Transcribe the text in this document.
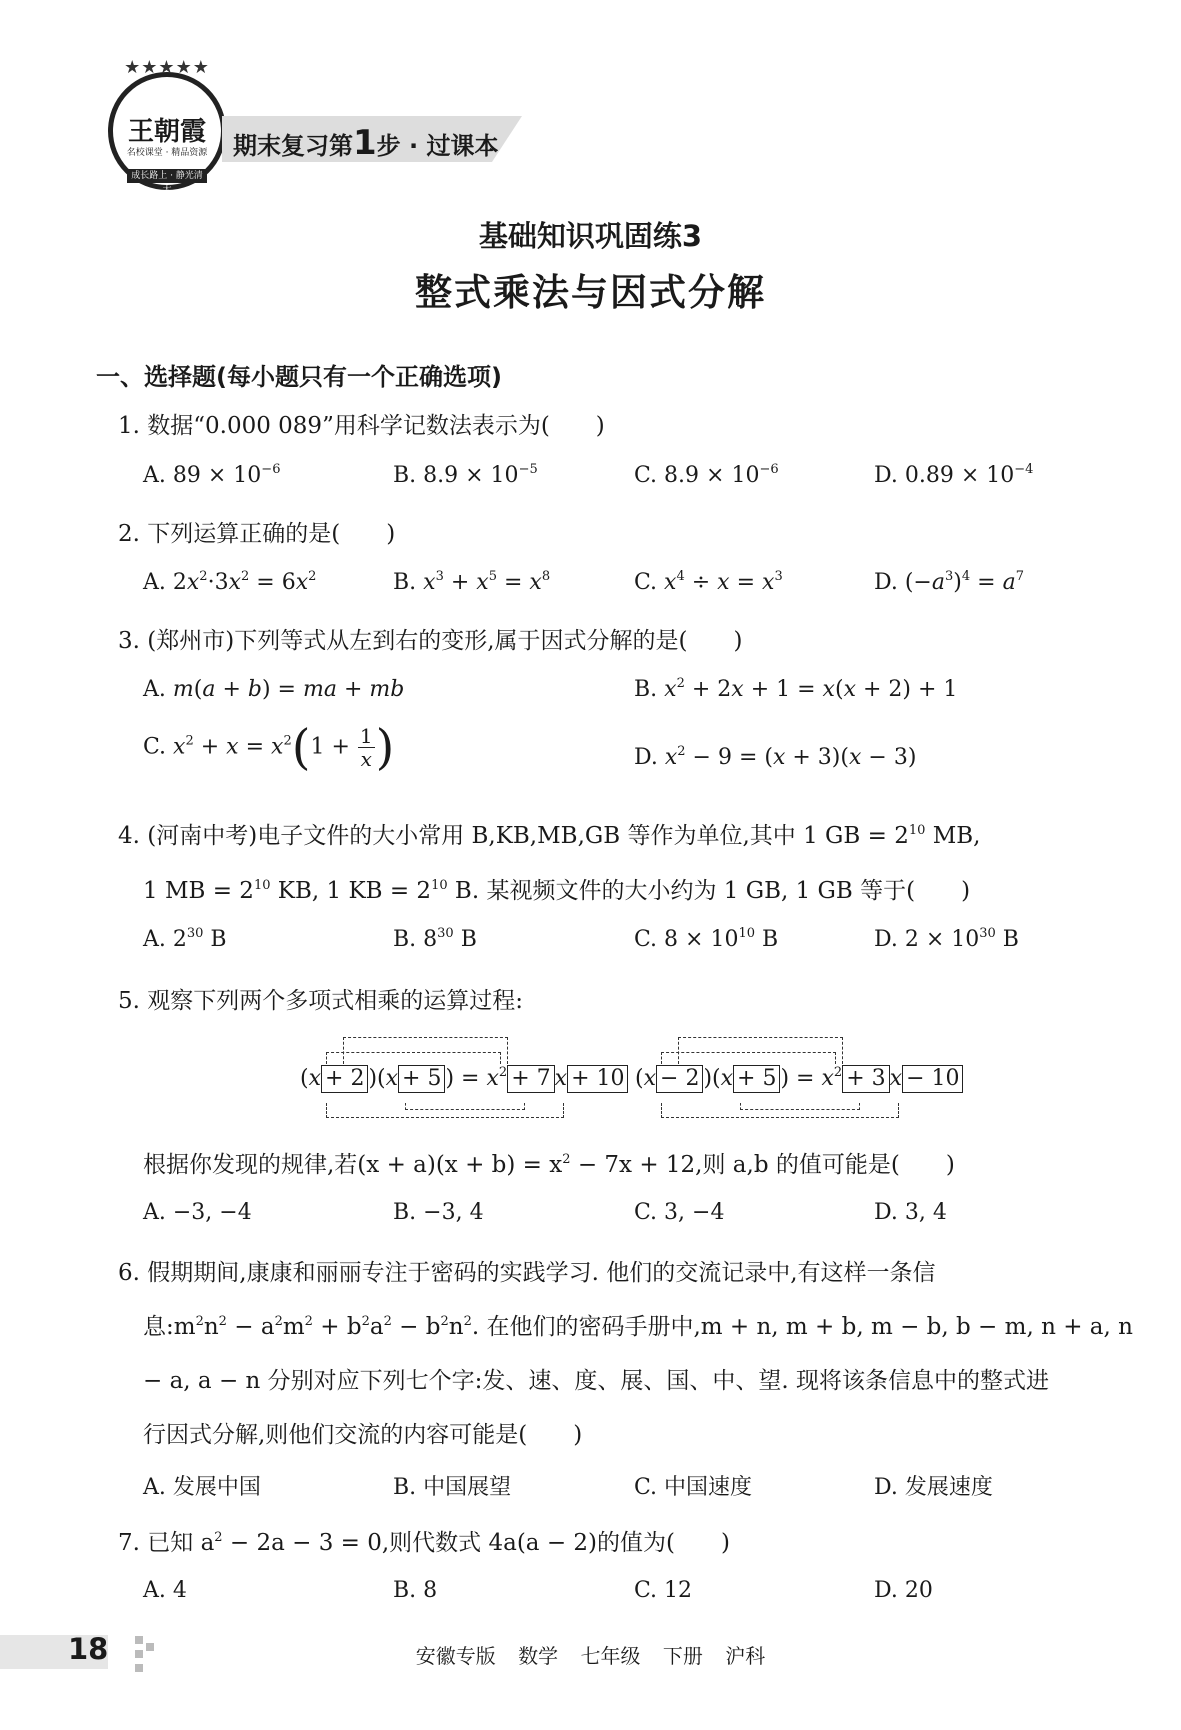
★★★★★
王朝霞
名校课堂 · 精品资源
成长路上 · 静光清大
期末复习第1步 · 过课本
基础知识巩固练3
整式乘法与因式分解
一、选择题(每小题只有一个正确选项)
1. 数据“0.000 089”用科学记数法表示为(　　)
A. $89 \times 10^{-6}$	B. $8.9 \times 10^{-5}$	C. $8.9 \times 10^{-6}$	D. $0.89 \times 10^{-4}$
2. 下列运算正确的是(　　)
A. $2x^2\cdot 3x^2 = 6x^2$	B. $x^3 + x^5 = x^8$	C. $x^4 \div x = x^3$	D. $(-a^3)^4 = a^7$
3. (郑州市)下列等式从左到右的变形,属于因式分解的是(　　)
A. m(a + b) = ma + mb	B. $x^2 + 2x + 1 = x(x + 2) + 1$
C. $x^2 + x = x^2(1 + \frac{1}{x}$ )	D. $x^2 - 9 = (x + 3)(x - 3)$
4. (河南中考)电子文件的大小常用 B,KB,MB,GB 等作为单位,其中 1 GB = $2^{10}$ MB,
1 MB = $2^{10}$ KB, 1 KB = $2^{10}$ B. 某视频文件的大小约为 1 GB, 1 GB 等于(　　)
A. $2^{30}$ B	B. $8^{30}$ B	C. $8 \times 10^{10}$ B	D. $2 \times 10^{30}$ B
5. 观察下列两个多项式相乘的运算过程:
(x + 2 )(x + 5 ) = $x^2 + 7$ x + 10 (x − 2 )(x + 5 ) = $x^2 + 3$ x − 10
根据你发现的规律,若$(x + a)(x + b) = x^2 - 7x + 12$,则 a,b 的值可能是(　　)
A. −3, −4	B. −3, 4	C. 3, −4	D. 3, 4
6. 假期期间,康康和丽丽专注于密码的实践学习. 他们的交流记录中,有这样一条信
息$:m^2n^2 - a^2m^2 + b^2a^2 - b^2n^2$. 在他们的密码手册中,m + n, m + b, m − b, b − m, n + a, n
− a, a − n 分别对应下列七个字:发、速、度、展、国、中、望. 现将该条信息中的整式进
行因式分解,则他们交流的内容可能是(　　)
A. 发展中国	B. 中国展望	C. 中国速度	D. 发展速度
7. 已知 $a^2 - 2a - 3 = 0$,则代数式 4a(a − 2)的值为(　　)
A. 4	B. 8	C. 12	D. 20
18	安徽专版 数学 七年级 下册 沪科
